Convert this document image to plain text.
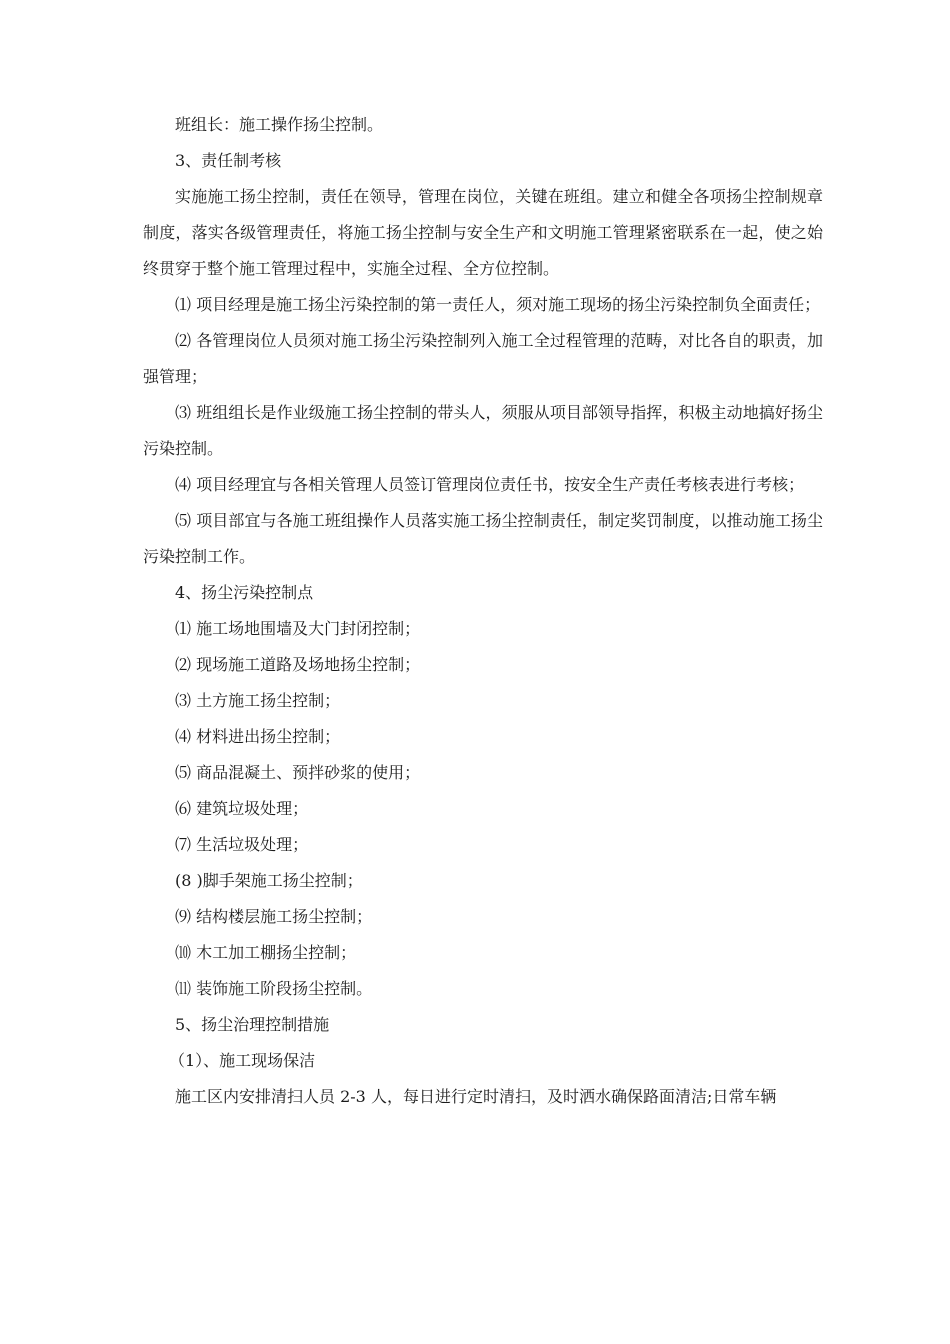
班组长：施工操作扬尘控制。

3、责任制考核

实施施工扬尘控制，责任在领导，管理在岗位，关键在班组。建立和健全各项扬尘控制规章制度，落实各级管理责任，将施工扬尘控制与安全生产和文明施工管理紧密联系在一起，使之始终贯穿于整个施工管理过程中，实施全过程、全方位控制。

⑴ 项目经理是施工扬尘污染控制的第一责任人，须对施工现场的扬尘污染控制负全面责任；

⑵ 各管理岗位人员须对施工扬尘污染控制列入施工全过程管理的范畴，对比各自的职责，加强管理；

⑶ 班组组长是作业级施工扬尘控制的带头人，须服从项目部领导指挥，积极主动地搞好扬尘污染控制。

⑷ 项目经理宜与各相关管理人员签订管理岗位责任书，按安全生产责任考核表进行考核；

⑸ 项目部宜与各施工班组操作人员落实施工扬尘控制责任，制定奖罚制度，以推动施工扬尘污染控制工作。

4、扬尘污染控制点

⑴ 施工场地围墙及大门封闭控制；

⑵ 现场施工道路及场地扬尘控制；

⑶ 土方施工扬尘控制；

⑷ 材料进出扬尘控制；

⑸ 商品混凝土、预拌砂浆的使用；

⑹ 建筑垃圾处理；

⑺ 生活垃圾处理；

(8 )脚手架施工扬尘控制；

⑼ 结构楼层施工扬尘控制；

⑽ 木工加工棚扬尘控制；

⑾ 装饰施工阶段扬尘控制。

5、扬尘治理控制措施

（1）、施工现场保洁

施工区内安排清扫人员 2-3 人，每日进行定时清扫，及时洒水确保路面清洁;日常车辆
